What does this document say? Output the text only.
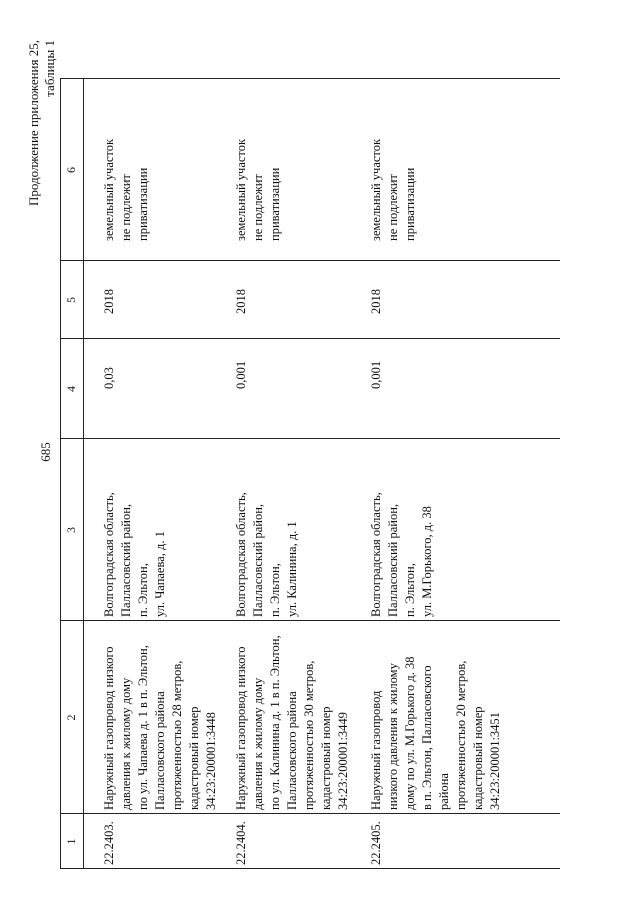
685
Продолжение приложения 25, таблицы 1
1
2
3
4
5
6
22.2403.
Наружный газопровод низкого
давления к жилому дому
по ул. Чапаева д. 1 в п. Эльтон,
Палласовского района
протяженностью 28 метров,
кадастровый номер
34:23:200001:3448
Волгоградская область,
Палласовский район,
п. Эльтон,
ул. Чапаева, д. 1
0,03
2018
земельный участок
не подлежит
приватизации
22.2404.
Наружный газопровод низкого
давления к жилому дому
по ул. Калинина д. 1 в п. Эльтон,
Палласовского района
протяженностью 30 метров,
кадастровый номер
34:23:200001:3449
Волгоградская область,
Палласовский район,
п. Эльтон,
ул. Калинина, д. 1
0,001
2018
земельный участок
не подлежит
приватизации
22.2405.
Наружный газопровод
низкого давления к жилому
дому по ул. М.Горького д. 38
в п. Эльтон, Палласовского
района
протяженностью 20 метров,
кадастровый номер
34:23:200001:3451
Волгоградская область,
Палласовский район,
п. Эльтон,
ул. М.Горького, д. 38
0,001
2018
земельный участок
не подлежит
приватизации
